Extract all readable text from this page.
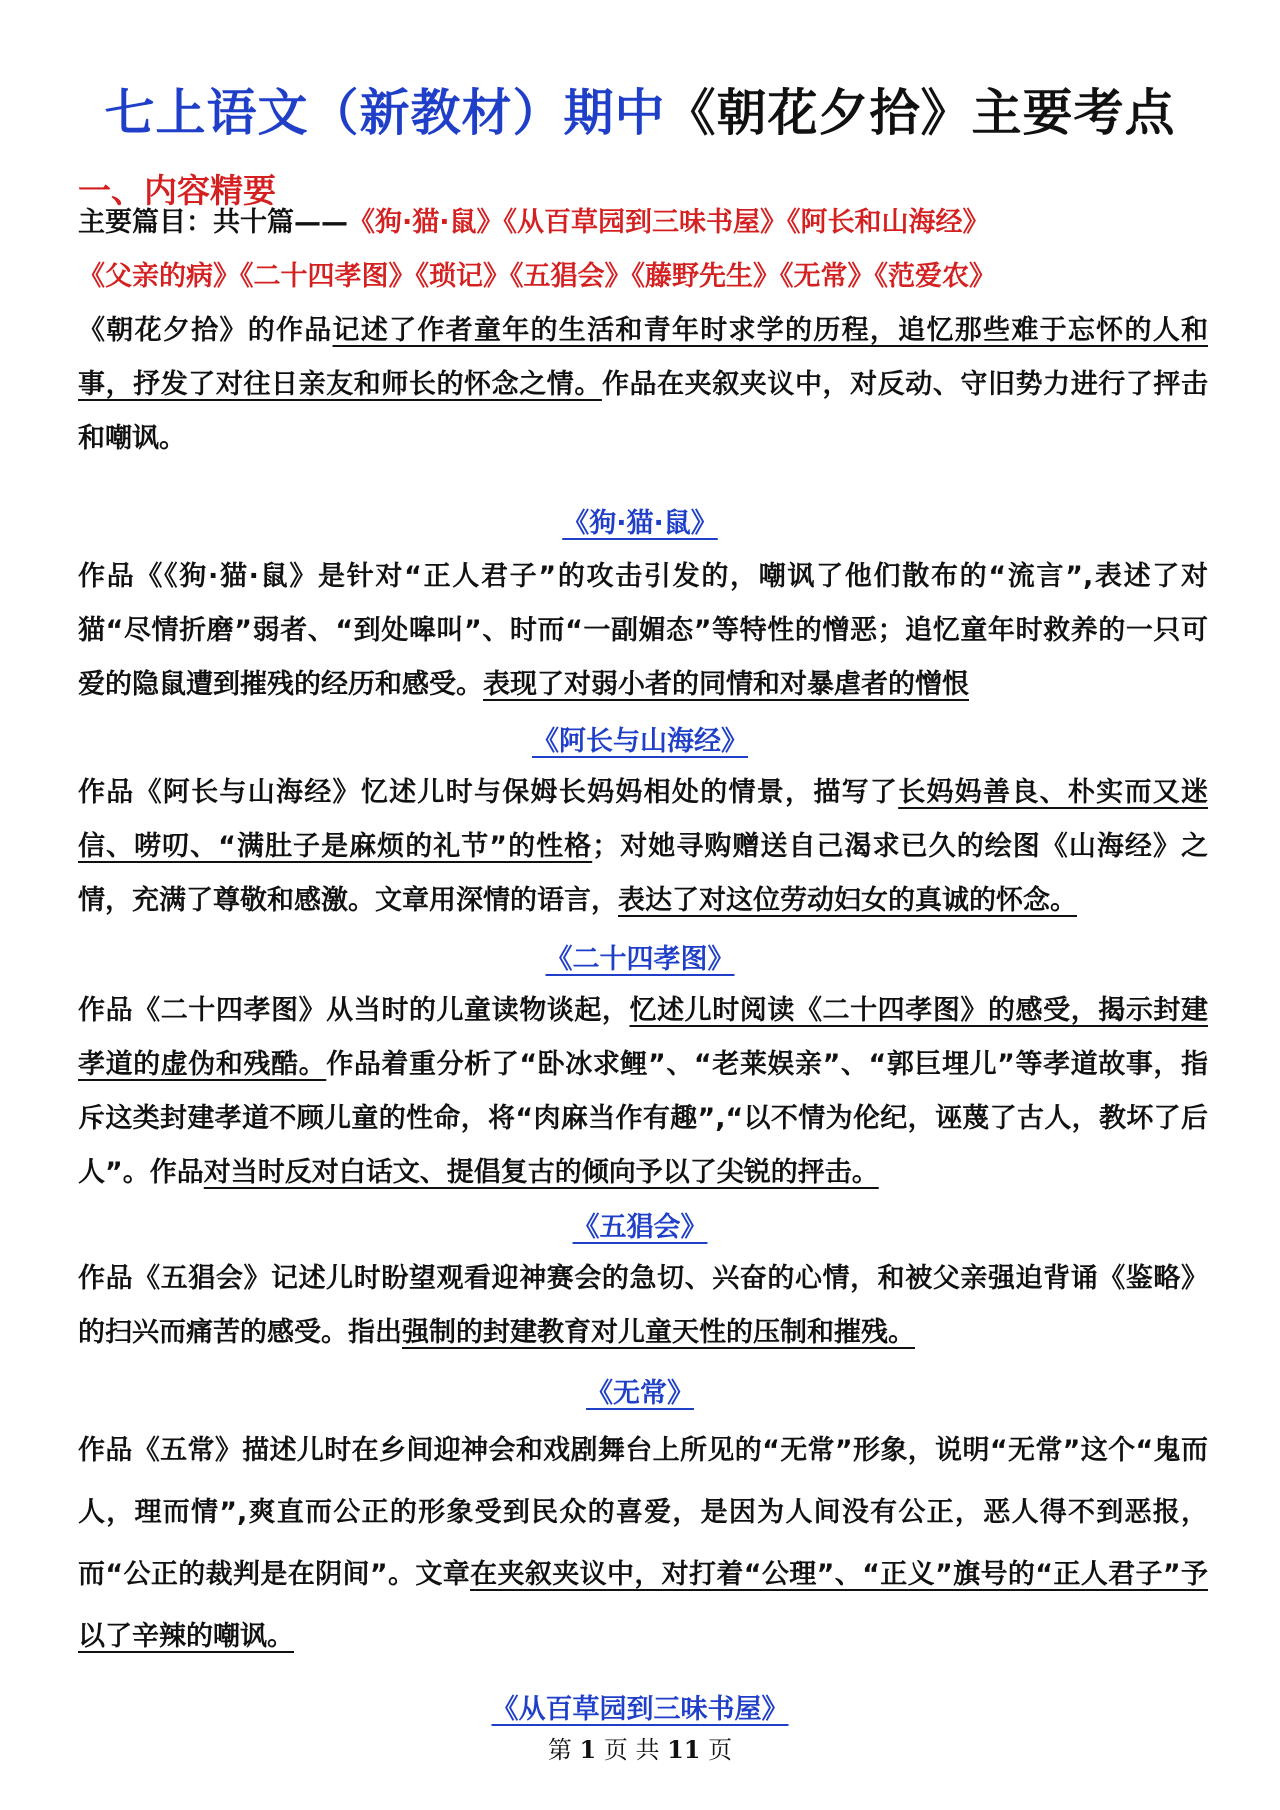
七上语文（新教材）期中《朝花夕拾》主要考点
一、内容精要
主要篇目：共十篇——《狗·猫·鼠》《从百草园到三味书屋》《阿长和山海经》
《父亲的病》《二十四孝图》《琐记》《五猖会》《藤野先生》《无常》《范爱农》
《朝花夕拾》的作品记述了作者童年的生活和青年时求学的历程，追忆那些难于忘怀的人和事，抒发了对往日亲友和师长的怀念之情。作品在夹叙夹议中，对反动、守旧势力进行了抨击和嘲讽。
《狗·猫·鼠》
作品《《狗·猫·鼠》是针对“正人君子”的攻击引发的，嘲讽了他们散布的“流言”,表述了对猫“尽情折磨”弱者、“到处嗥叫”、时而“一副媚态”等特性的憎恶；追忆童年时救养的一只可爱的隐鼠遭到摧残的经历和感受。表现了对弱小者的同情和对暴虐者的憎恨
《阿长与山海经》
作品《阿长与山海经》忆述儿时与保姆长妈妈相处的情景，描写了长妈妈善良、朴实而又迷信、唠叨、“满肚子是麻烦的礼节”的性格；对她寻购赠送自己渴求已久的绘图《山海经》之情，充满了尊敬和感激。文章用深情的语言，表达了对这位劳动妇女的真诚的怀念。
《二十四孝图》
作品《二十四孝图》从当时的儿童读物谈起，忆述儿时阅读《二十四孝图》的感受，揭示封建孝道的虚伪和残酷。作品着重分析了“卧冰求鲤”、“老莱娱亲”、“郭巨埋儿”等孝道故事，指斥这类封建孝道不顾儿童的性命，将“肉麻当作有趣”,“以不情为伦纪，诬蔑了古人，教坏了后人”。作品对当时反对白话文、提倡复古的倾向予以了尖锐的抨击。
《五猖会》
作品《五猖会》记述儿时盼望观看迎神赛会的急切、兴奋的心情，和被父亲强迫背诵《鉴略》的扫兴而痛苦的感受。指出强制的封建教育对儿童天性的压制和摧残。
《无常》
作品《五常》描述儿时在乡间迎神会和戏剧舞台上所见的“无常”形象，说明“无常”这个“鬼而人，理而情”,爽直而公正的形象受到民众的喜爱，是因为人间没有公正，恶人得不到恶报，而“公正的裁判是在阴间”。文章在夹叙夹议中，对打着“公理”、“正义”旗号的“正人君子”予以了辛辣的嘲讽。
《从百草园到三味书屋》
第 1 页 共 11 页
